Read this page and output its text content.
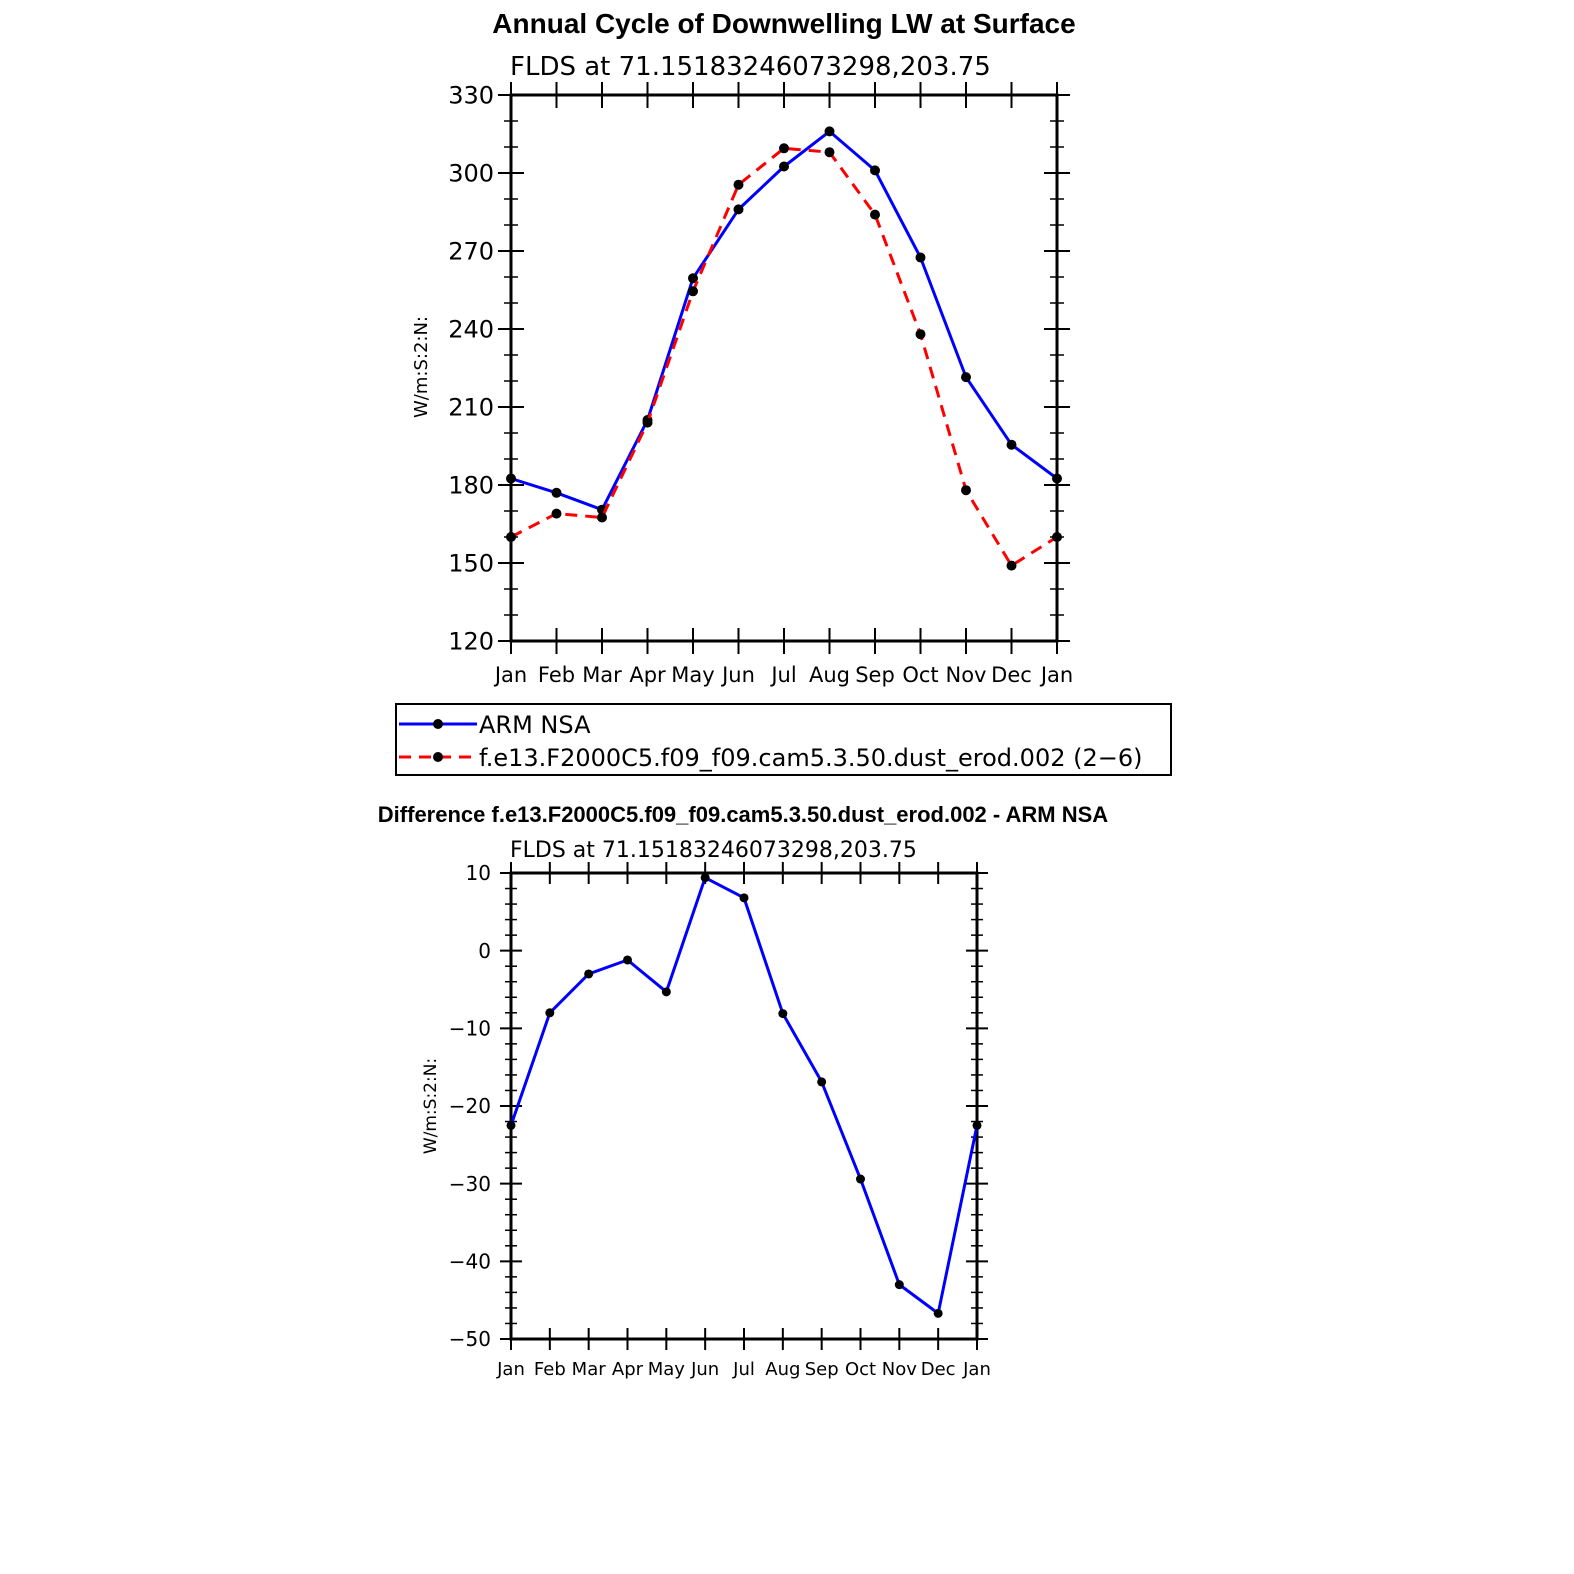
Annual Cycle of Downwelling LW at Surface
FLDS at 71.15183246073298,203.75
W/m:S:2:N:
120
150
180
210
240
270
300
330
Jan Feb Mar Apr May Jun Jul Aug Sep Oct Nov Dec Jan
ARM NSA
f.e13.F2000C5.f09_f09.cam5.3.50.dust_erod.002 (2−6)
Difference f.e13.F2000C5.f09_f09.cam5.3.50.dust_erod.002 - ARM NSA
FLDS at 71.15183246073298,203.75
W/m:S:2:N:
−50
−40
−30
−20
−10
0
10
Jan Feb Mar Apr May Jun Jul Aug Sep Oct Nov Dec Jan
